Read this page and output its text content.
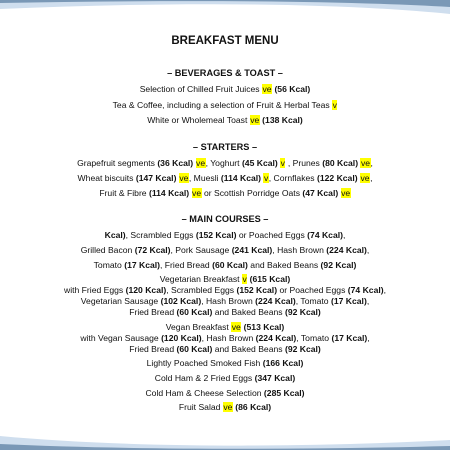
BREAKFAST MENU
– BEVERAGES & TOAST –
Selection of Chilled Fruit Juices ve (56 Kcal)
Tea & Coffee, including a selection of Fruit & Herbal Teas v
White or Wholemeal Toast ve (138 Kcal)
– STARTERS –
Grapefruit segments (36 Kcal) ve, Yoghurt (45 Kcal) v , Prunes (80 Kcal) ve,
Wheat biscuits (147 Kcal) ve, Muesli (114 Kcal) v, Cornflakes (122 Kcal) ve,
Fruit & Fibre (114 Kcal) ve or Scottish Porridge Oats (47 Kcal) ve
– MAIN COURSES –
Kcal), Scrambled Eggs (152 Kcal) or Poached Eggs (74 Kcal),
Grilled Bacon (72 Kcal), Pork Sausage (241 Kcal), Hash Brown (224 Kcal),
Tomato (17 Kcal), Fried Bread (60 Kcal) and Baked Beans (92 Kcal)
Vegetarian Breakfast v (615 Kcal)
with Fried Eggs (120 Kcal), Scrambled Eggs (152 Kcal) or Poached Eggs (74 Kcal),
Vegetarian Sausage (102 Kcal), Hash Brown (224 Kcal), Tomato (17 Kcal),
Fried Bread (60 Kcal) and Baked Beans (92 Kcal)
Vegan Breakfast ve (513 Kcal)
with Vegan Sausage (120 Kcal), Hash Brown (224 Kcal), Tomato (17 Kcal),
Fried Bread (60 Kcal) and Baked Beans (92 Kcal)
Lightly Poached Smoked Fish (166 Kcal)
Cold Ham & 2 Fried Eggs (347 Kcal)
Cold Ham & Cheese Selection (285 Kcal)
Fruit Salad ve (86 Kcal)
